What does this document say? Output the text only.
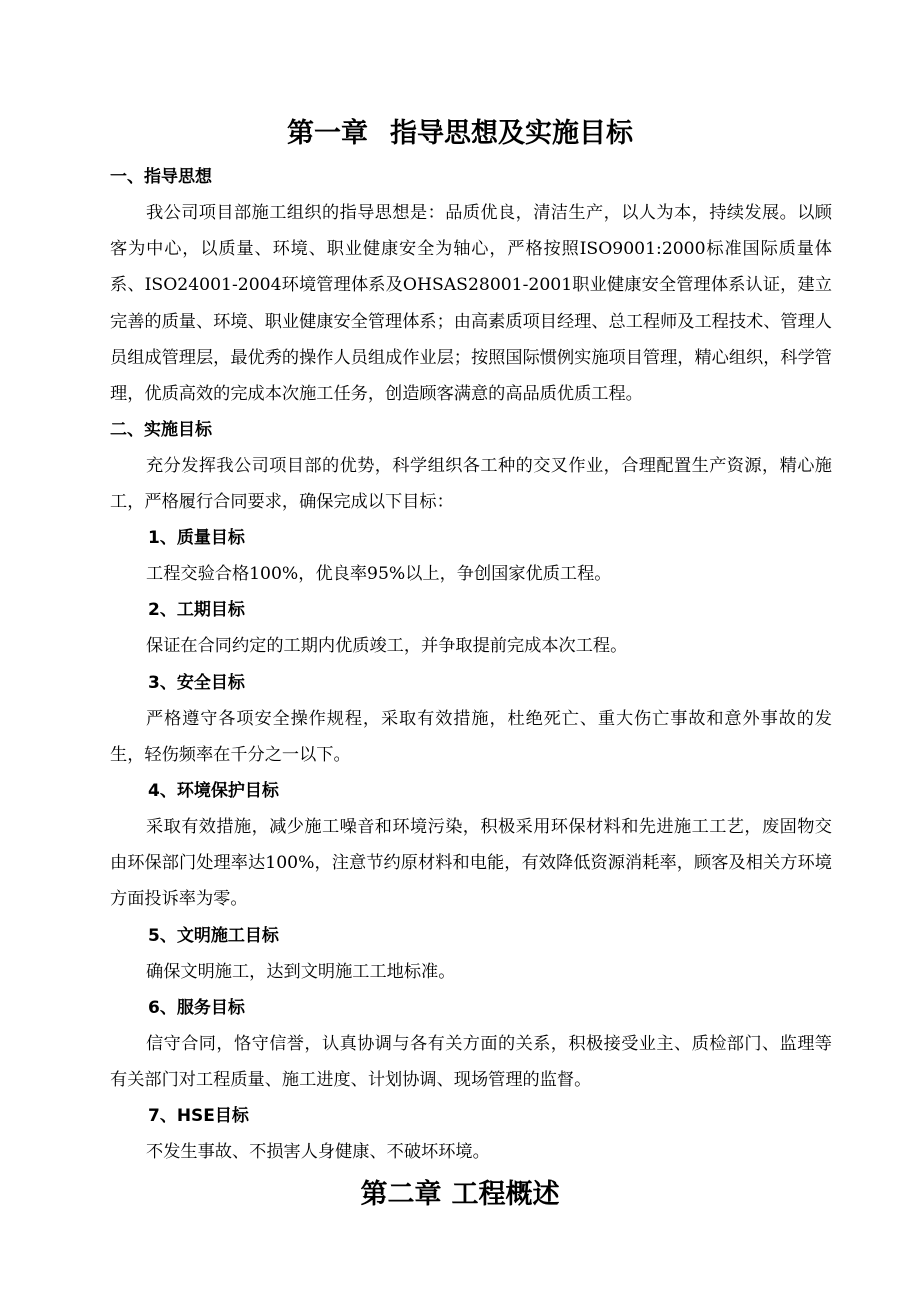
第一章 指导思想及实施目标
一、指导思想

我公司项目部施工组织的指导思想是：品质优良，清洁生产，以人为本，持续发展。以顾客为中心，以质量、环境、职业健康安全为轴心，严格按照ISO9001:2000标准国际质量体系、ISO24001-2004环境管理体系及OHSAS28001-2001职业健康安全管理体系认证，建立完善的质量、环境、职业健康安全管理体系；由高素质项目经理、总工程师及工程技术、管理人员组成管理层，最优秀的操作人员组成作业层；按照国际惯例实施项目管理，精心组织，科学管理，优质高效的完成本次施工任务，创造顾客满意的高品质优质工程。

二、实施目标

充分发挥我公司项目部的优势，科学组织各工种的交叉作业，合理配置生产资源，精心施工，严格履行合同要求，确保完成以下目标：

1、质量目标

工程交验合格100%，优良率95%以上，争创国家优质工程。

2、工期目标

保证在合同约定的工期内优质竣工，并争取提前完成本次工程。

3、安全目标

严格遵守各项安全操作规程，采取有效措施，杜绝死亡、重大伤亡事故和意外事故的发生，轻伤频率在千分之一以下。

4、环境保护目标

采取有效措施，减少施工噪音和环境污染，积极采用环保材料和先进施工工艺，废固物交由环保部门处理率达100%，注意节约原材料和电能，有效降低资源消耗率，顾客及相关方环境方面投诉率为零。

5、文明施工目标

确保文明施工，达到文明施工工地标准。

6、服务目标

信守合同，恪守信誉，认真协调与各有关方面的关系，积极接受业主、质检部门、监理等有关部门对工程质量、施工进度、计划协调、现场管理的监督。

7、HSE目标

不发生事故、不损害人身健康、不破坏环境。

第二章 工程概述
